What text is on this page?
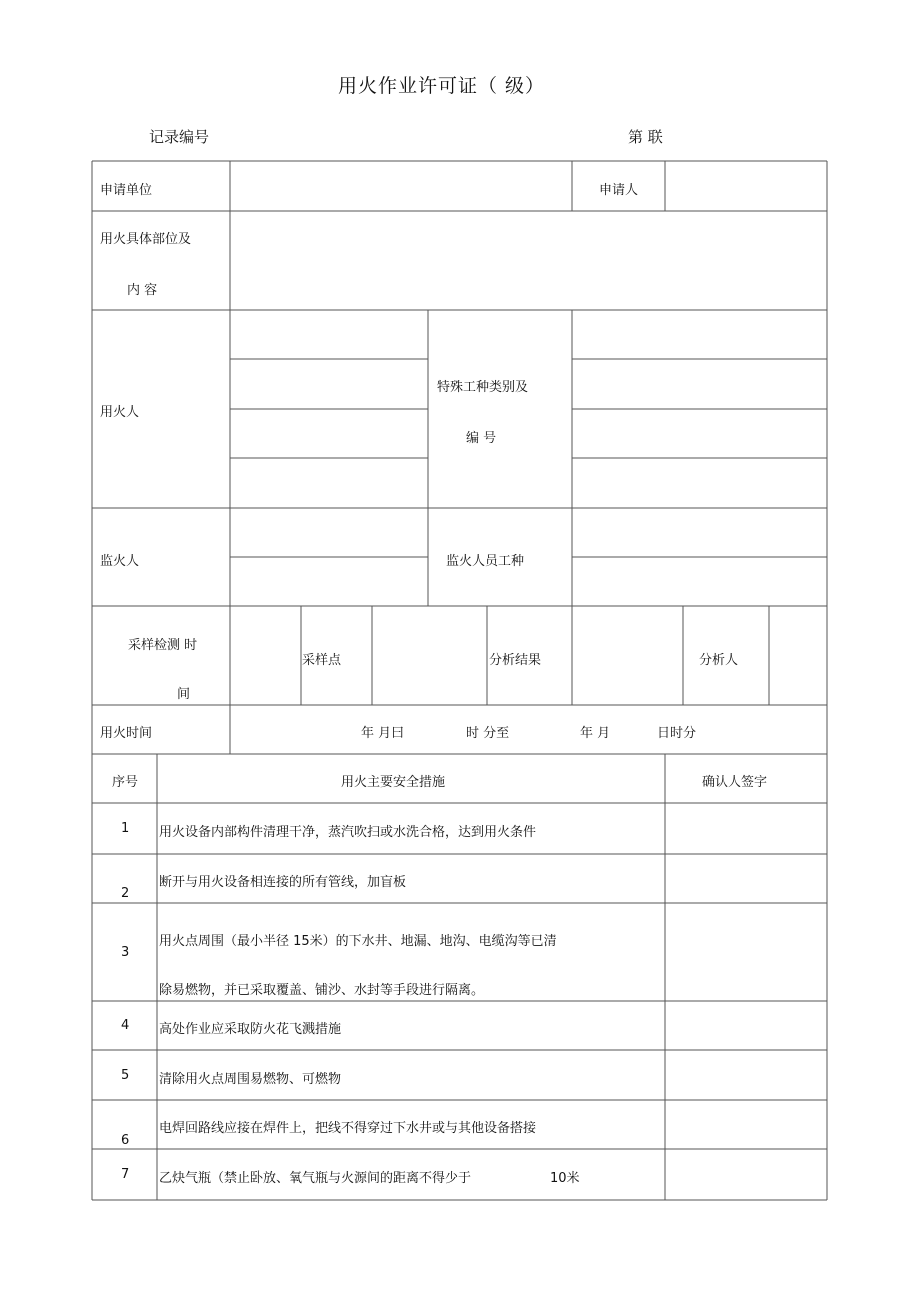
用火作业许可证（ 级）
记录编号	第 联
申请单位	申请人
用火具体部位及
内 容
用火人
特殊工种类别及
编 号
监火人	监火人员工种
采样检测 时
间
采样点	分析结果	分析人
用火时间	年 月曰	时 分至	年 月	日时分
序号	用火主要安全措施	确认人签字
1 用火设备内部构件清理干净，蒸汽吹扫或水洗合格，达到用火条件
2
断开与用火设备相连接的所有管线，加盲板
3
用火点周围（最小半径 15米）的下水井、地漏、地沟、电缆沟等已清
除易燃物，并已采取覆盖、铺沙、水封等手段进行隔离。
4 高处作业应采取防火花飞溅措施
5 清除用火点周围易燃物、可燃物
6
电焊回路线应接在焊件上，把线不得穿过下水井或与其他设备搭接
7 乙炔气瓶（禁止卧放、氧气瓶与火源间的距离不得少于	10米
